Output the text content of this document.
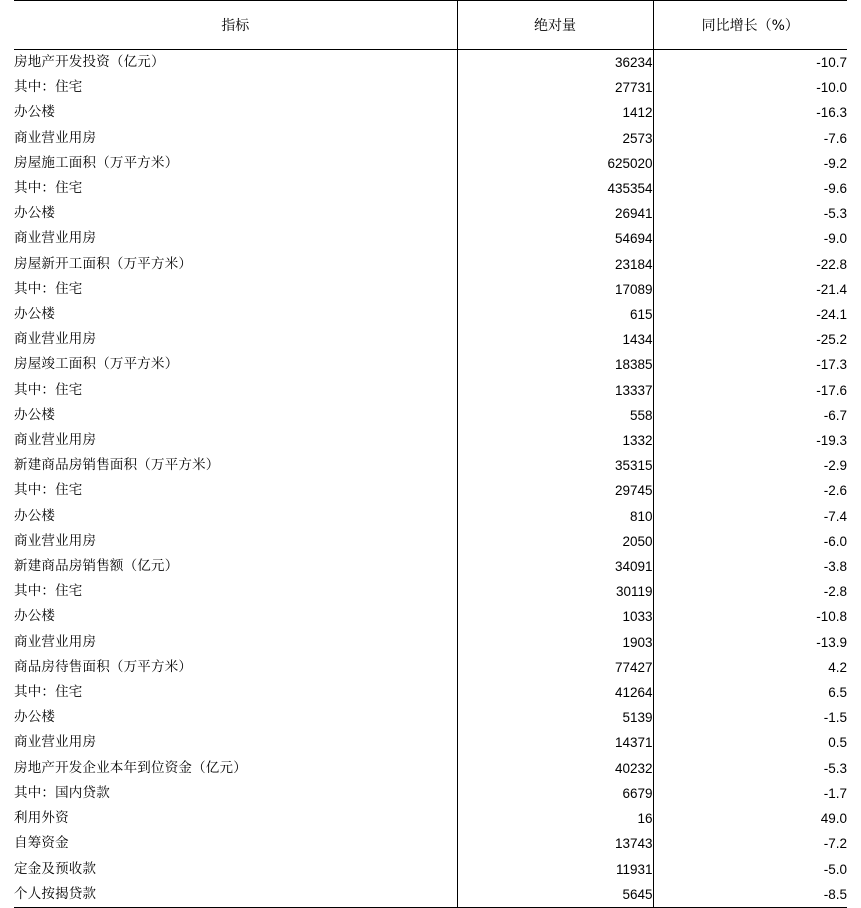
指标	绝对量	同比增长（%）
房地产开发投资（亿元）	36234	-10.7
其中：住宅	27731	-10.0
办公楼	1412	-16.3
商业营业用房	2573	-7.6
房屋施工面积（万平方米）	625020	-9.2
其中：住宅	435354	-9.6
办公楼	26941	-5.3
商业营业用房	54694	-9.0
房屋新开工面积（万平方米）	23184	-22.8
其中：住宅	17089	-21.4
办公楼	615	-24.1
商业营业用房	1434	-25.2
房屋竣工面积（万平方米）	18385	-17.3
其中：住宅	13337	-17.6
办公楼	558	-6.7
商业营业用房	1332	-19.3
新建商品房销售面积（万平方米）	35315	-2.9
其中：住宅	29745	-2.6
办公楼	810	-7.4
商业营业用房	2050	-6.0
新建商品房销售额（亿元）	34091	-3.8
其中：住宅	30119	-2.8
办公楼	1033	-10.8
商业营业用房	1903	-13.9
商品房待售面积（万平方米）	77427	4.2
其中：住宅	41264	6.5
办公楼	5139	-1.5
商业营业用房	14371	0.5
房地产开发企业本年到位资金（亿元）	40232	-5.3
其中：国内贷款	6679	-1.7
利用外资	16	49.0
自筹资金	13743	-7.2
定金及预收款	11931	-5.0
个人按揭贷款	5645	-8.5
